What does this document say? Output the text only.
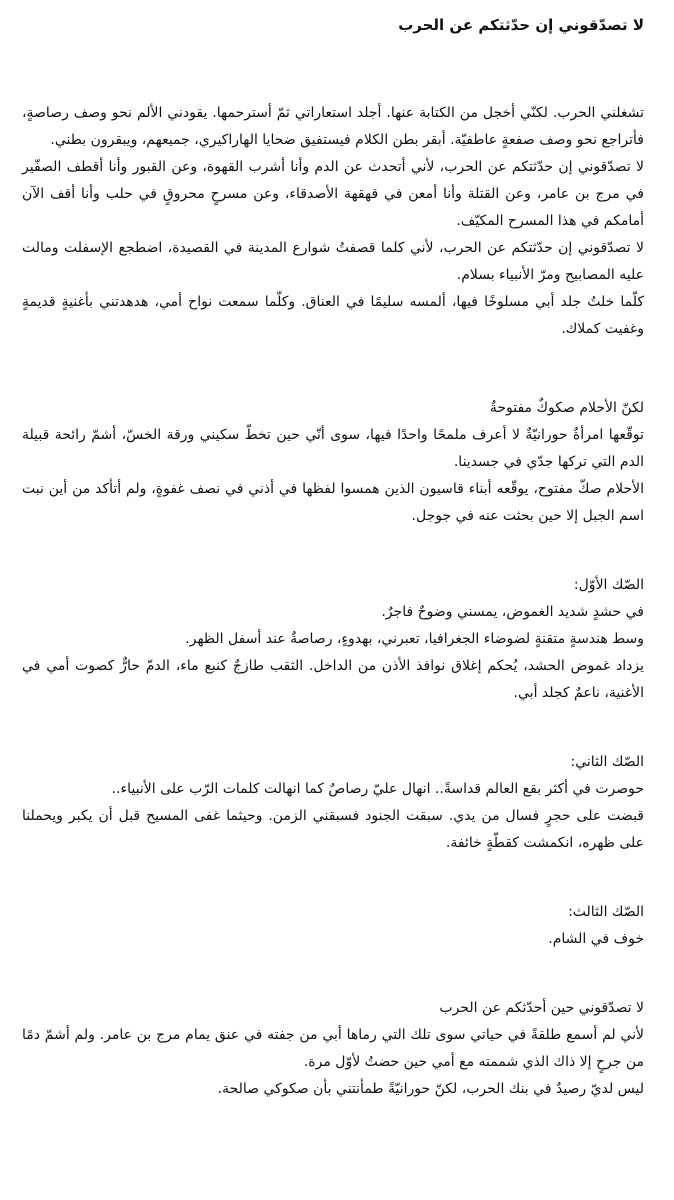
لا تصدّقوني إن حدّثتكم عن الحرب

تشغلني الحرب. لكنّي أخجل من الكتابة عنها. أجلد استعاراتي ثمّ أسترحمها. يقودني الألم نحو وصف رصاصةٍ، فأتراجع نحو وصف صفعةٍ عاطفيّة. أبقر بطن الكلام فيستفيق ضحايا الهاراكيري، جميعهم، ويبقرون بطني.

لا تصدّقوني إن حدّثتكم عن الحرب، لأني أتحدث عن الدم وأنا أشرب القهوة، وعن القبور وأنا أقطف الصفّير في مرج بن عامر، وعن القتلة وأنا أمعن في قهقهة الأصدقاء، وعن مسرحٍ محروقٍ في حلب وأنا أقف الآن أمامكم في هذا المسرح المكيّف.

لا تصدّقوني إن حدّثتكم عن الحرب، لأني كلما قصفتُ شوارع المدينة في القصيدة، اضطجع الإسفلت ومالت عليه المصابيح ومرّ الأنبياء بسلام.

كلّما خلتُ جلد أبي مسلوخًا فيها، ألمسه سليمًا في العناق. وكلّما سمعت نواح أمي، هدهدتني بأغنيةٍ قديمةٍ وغفيت كملاك.

لكنّ الأحلام صكوكٌ مفتوحةٌ

توقّعها امرأةٌ حورانيّةٌ لا أعرف ملمحًا واحدًا فيها، سوى أنّي حين تخطّ سكيني ورقة الخسّ، أشمّ رائحة قبيلة الدم التي تركها جدّي في جسدينا.

الأحلام صكّ مفتوح، يوقّعه أبناء قاسيون الذين همسوا لفظها في أذني في نصف غفوةٍ، ولم أتأكد من أين نبت اسم الجبل إلا حين بحثت عنه في جوجل.

الصّك الأوّل:

في حشدٍ شديد الغموض، يمسني وضوحٌ فاجرٌ.

وسط هندسةٍ متقنةٍ لضوضاء الجغرافيا، تعبرني، بهدوءٍ، رصاصةٌ عند أسفل الظهر.

يزداد غموض الحشد، يُحكم إغلاق نوافذ الأذن من الداخل. الثقب طازجٌ كنبع ماء، الدمّ حارٌّ كصوت أمي في الأغنية، ناعمٌ كجلد أبي.

الصّك الثاني:

حوصرت في أكثر بقع العالم قداسةً.. انهال عليّ رصاصٌ كما انهالت كلمات الرّب على الأنبياء..

قبضت على حجرٍ فسال من يدي. سبقت الجنود فسبقني الزمن. وحيثما غفى المسيح قبل أن يكبر ويحملنا على ظهره، انكمشت كقطّةٍ خائفة.

الصّك الثالث:

خوف في الشام.

لا تصدّقوني حين أحدّثكم عن الحرب

لأني لم أسمع طلقةً في حياتي سوى تلك التي رماها أبي من جفته في عنق يمام مرج بن عامر. ولم أشمّ دمًا من جرحٍ إلا ذاك الذي شممته مع أمي حين حضتُ لأوّل مرة.

ليس لديّ رصيدٌ في بنك الحرب، لكنّ حورانيّةً طمأنتني بأن صكوكي صالحة.
